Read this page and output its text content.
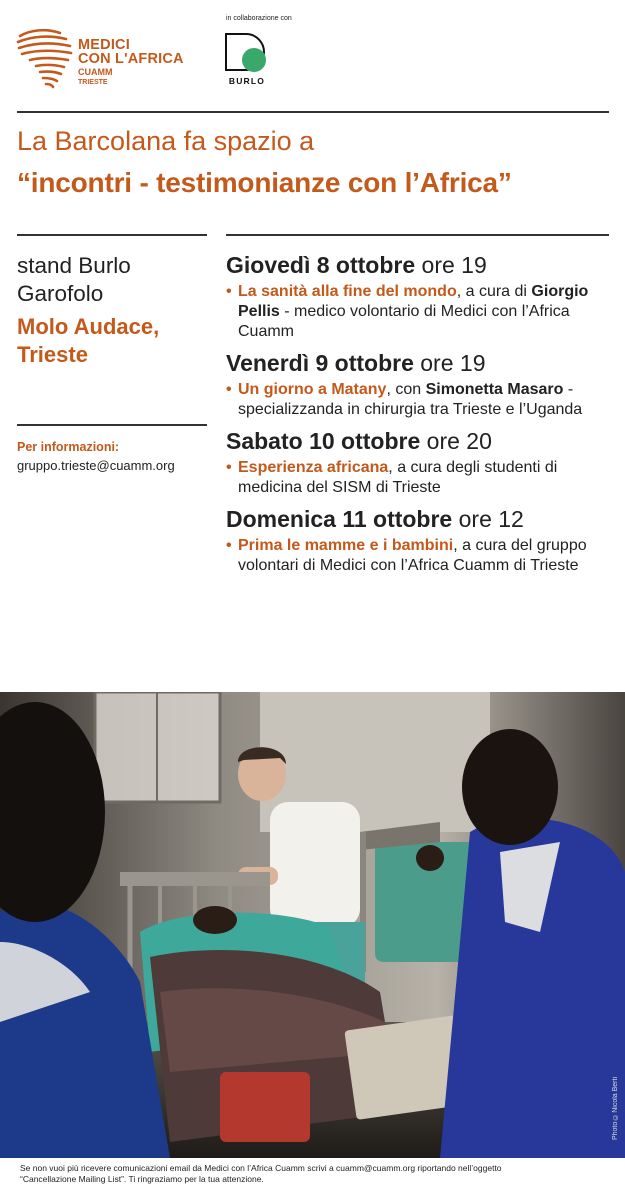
MEDICI
CON L'AFRICA
CUAMM
TRIESTE
in collaborazione con
BURLO
La Barcolana fa spazio a
“incontri - testimonianze con l’Africa”
stand Burlo Garofolo
Molo Audace, Trieste
Per informazioni:
gruppo.trieste@cuamm.org
Giovedì 8 ottobre ore 19
• La sanità alla fine del mondo, a cura di Giorgio Pellis - medico volontario di Medici con l’Africa Cuamm
Venerdì 9 ottobre ore 19
• Un giorno a Matany, con Simonetta Masaro - specializzanda in chirurgia tra Trieste e l’Uganda
Sabato 10 ottobre ore 20
• Esperienza africana, a cura degli studenti di medicina del SISM di Trieste
Domenica 11 ottobre ore 12
• Prima le mamme e i bambini, a cura del gruppo volontari di Medici con l’Africa Cuamm di Trieste
Photo ©Nicola Berti
Se non vuoi più ricevere comunicazioni email da Medici con l’Africa Cuamm scrivi a cuamm@cuamm.org riportando nell’oggetto
“Cancellazione Mailing List”. Ti ringraziamo per la tua attenzione.
